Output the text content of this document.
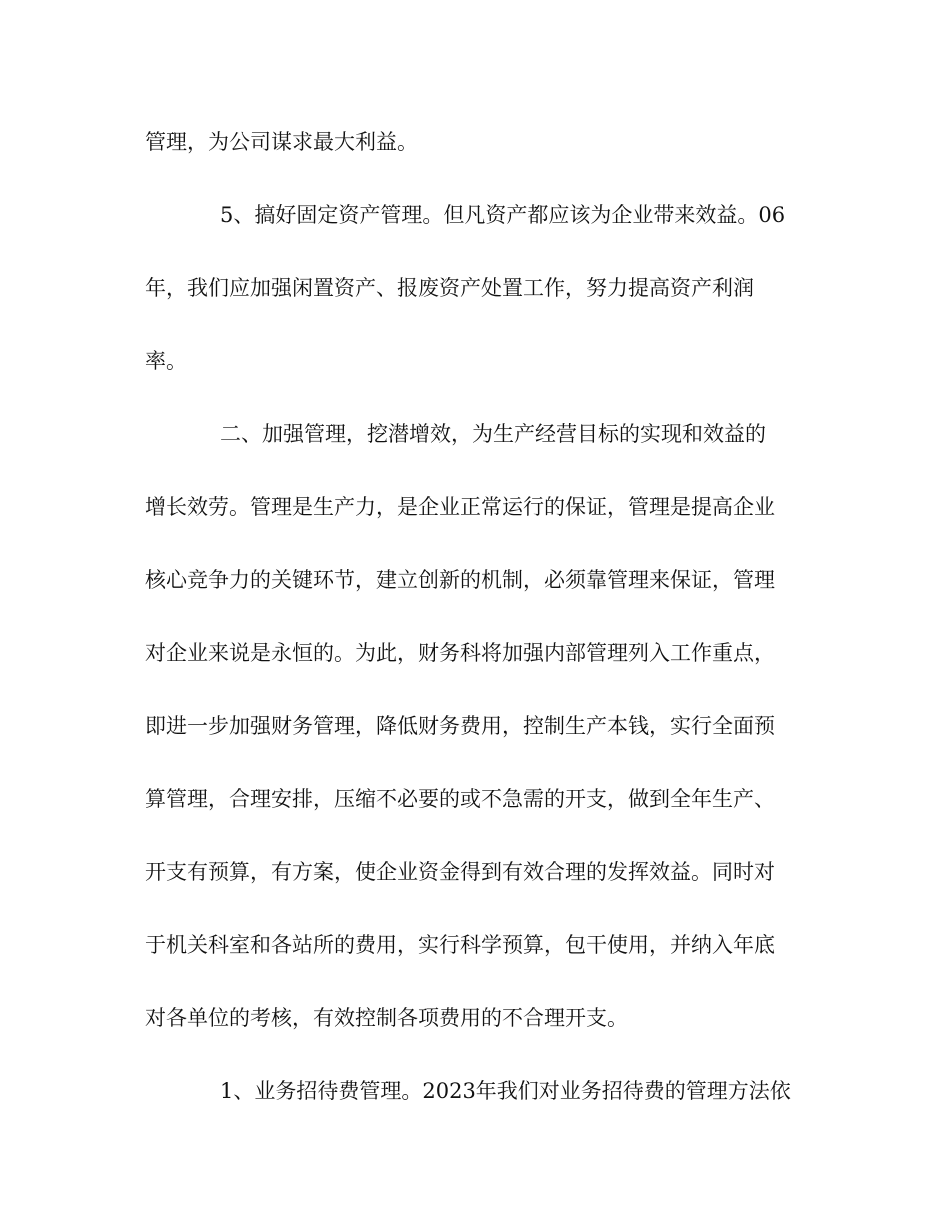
管理，为公司谋求最大利益。
5、搞好固定资产管理。但凡资产都应该为企业带来效益。06
年，我们应加强闲置资产、报废资产处置工作，努力提高资产利润
率。
二、加强管理，挖潜增效，为生产经营目标的实现和效益的
增长效劳。管理是生产力，是企业正常运行的保证，管理是提高企业
核心竞争力的关键环节，建立创新的机制，必须靠管理来保证，管理
对企业来说是永恒的。为此，财务科将加强内部管理列入工作重点，
即进一步加强财务管理，降低财务费用，控制生产本钱，实行全面预
算管理，合理安排，压缩不必要的或不急需的开支，做到全年生产、
开支有预算，有方案，使企业资金得到有效合理的发挥效益。同时对
于机关科室和各站所的费用，实行科学预算，包干使用，并纳入年底
对各单位的考核，有效控制各项费用的不合理开支。
1、业务招待费管理。2023年我们对业务招待费的管理方法依
